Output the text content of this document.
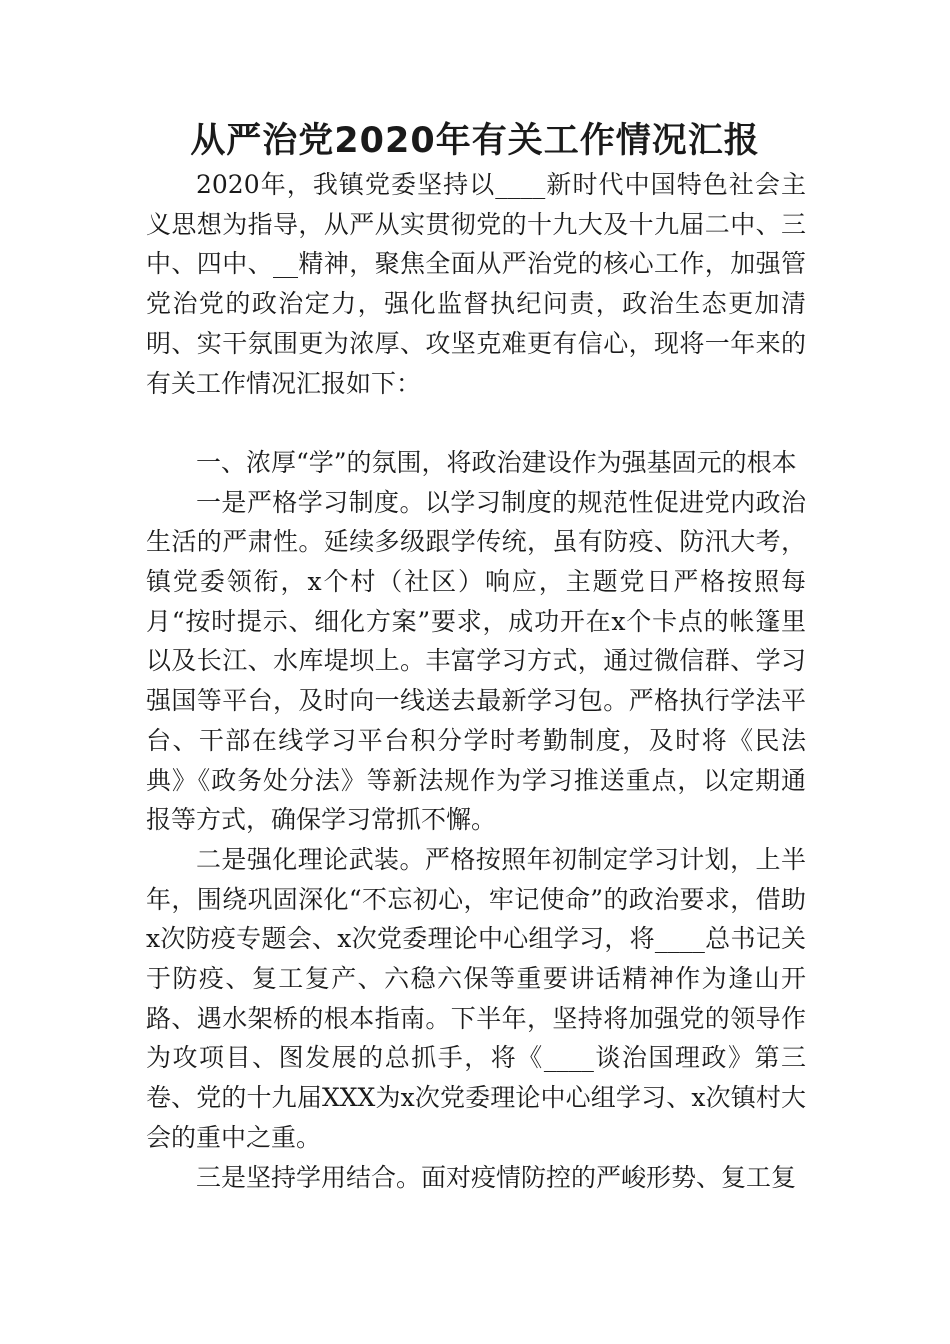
从严治党2020年有关工作情况汇报

2020年，我镇党委坚持以____新时代中国特色社会主义思想为指导，从严从实贯彻党的十九大及十九届二中、三中、四中、__精神，聚焦全面从严治党的核心工作，加强管党治党的政治定力，强化监督执纪问责，政治生态更加清明、实干氛围更为浓厚、攻坚克难更有信心，现将一年来的有关工作情况汇报如下：

一、浓厚“学”的氛围，将政治建设作为强基固元的根本

一是严格学习制度。以学习制度的规范性促进党内政治生活的严肃性。延续多级跟学传统，虽有防疫、防汛大考，镇党委领衔，x个村（社区）响应，主题党日严格按照每月“按时提示、细化方案”要求，成功开在x个卡点的帐篷里以及长江、水库堤坝上。丰富学习方式，通过微信群、学习强国等平台，及时向一线送去最新学习包。严格执行学法平台、干部在线学习平台积分学时考勤制度，及时将《民法典》《政务处分法》等新法规作为学习推送重点，以定期通报等方式，确保学习常抓不懈。

二是强化理论武装。严格按照年初制定学习计划，上半年，围绕巩固深化“不忘初心，牢记使命”的政治要求，借助x次防疫专题会、x次党委理论中心组学习，将____总书记关于防疫、复工复产、六稳六保等重要讲话精神作为逢山开路、遇水架桥的根本指南。下半年，坚持将加强党的领导作为攻项目、图发展的总抓手，将《____谈治国理政》第三卷、党的十九届XXX为x次党委理论中心组学习、x次镇村大会的重中之重。

三是坚持学用结合。面对疫情防控的严峻形势、复工复
